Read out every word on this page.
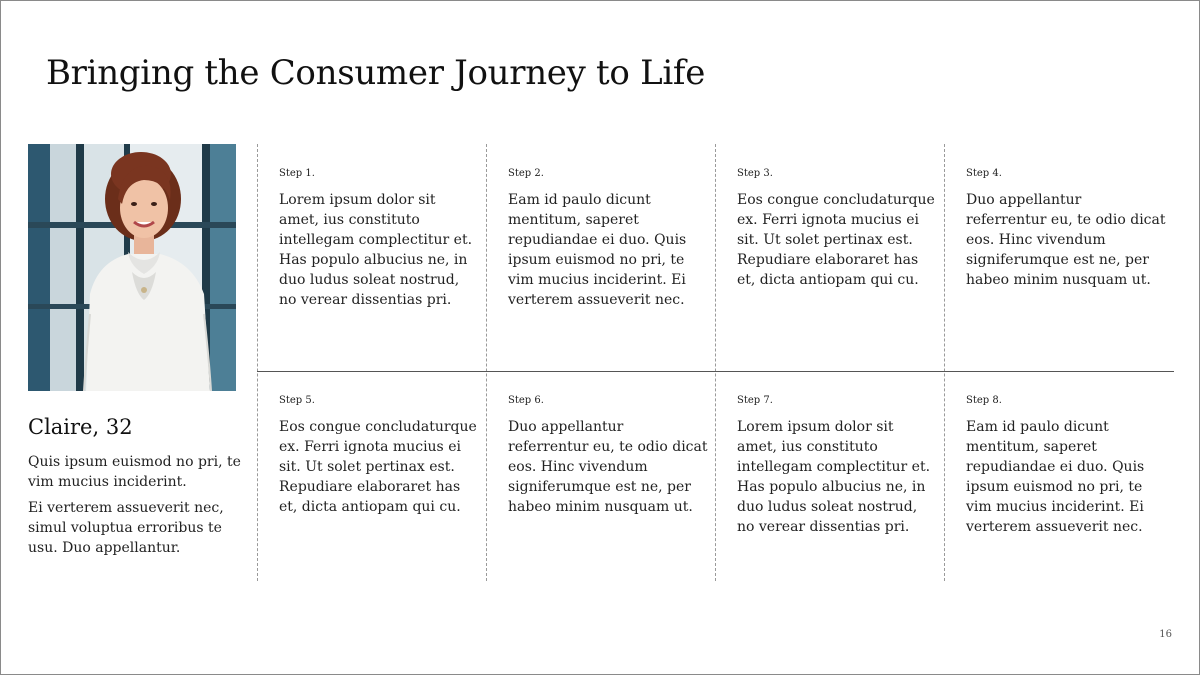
Bringing the Consumer Journey to Life
Claire, 32
Quis ipsum euismod no pri, te vim mucius inciderint.
Ei verterem assueverit nec, simul voluptua erroribus te usu. Duo appellantur.

Step 1.

Lorem ipsum dolor sit amet, ius constituto intellegam complectitur et. Has populo albucius ne, in duo ludus soleat nostrud, no verear dissentias pri.

Step 2.

Eam id paulo dicunt mentitum, saperet repudiandae ei duo. Quis ipsum euismod no pri, te vim mucius inciderint. Ei verterem assueverit nec.

Step 3.

Eos congue concludaturque ex. Ferri ignota mucius ei sit. Ut solet pertinax est. Repudiare elaboraret has et, dicta antiopam qui cu.

Step 4.

Duo appellantur referrentur eu, te odio dicat eos. Hinc vivendum signiferumque est ne, per habeo minim nusquam ut.

Step 5.

Eos congue concludaturque ex. Ferri ignota mucius ei sit. Ut solet pertinax est. Repudiare elaboraret has et, dicta antiopam qui cu.

Step 6.

Duo appellantur referrentur eu, te odio dicat eos. Hinc vivendum signiferumque est ne, per habeo minim nusquam ut.

Step 7.

Lorem ipsum dolor sit amet, ius constituto intellegam complectitur et. Has populo albucius ne, in duo ludus soleat nostrud, no verear dissentias pri.

Step 8.

Eam id paulo dicunt mentitum, saperet repudiandae ei duo. Quis ipsum euismod no pri, te vim mucius inciderint. Ei verterem assueverit nec.

16
